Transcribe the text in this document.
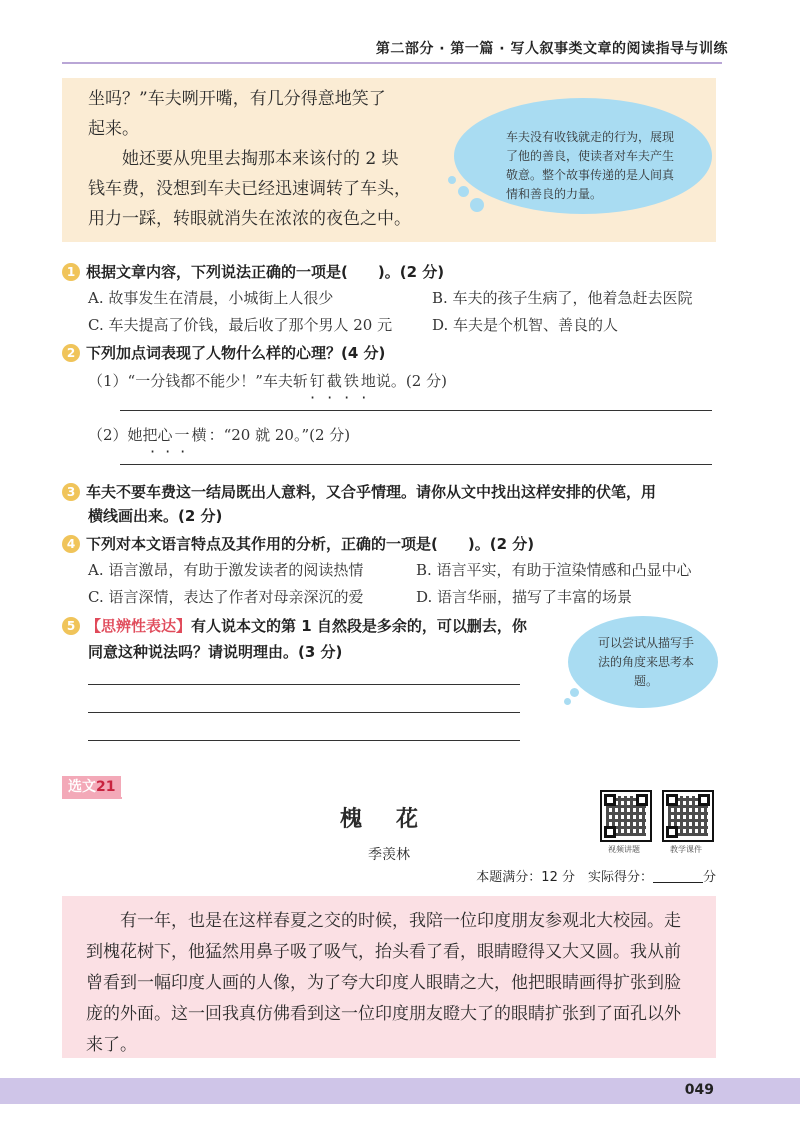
第二部分 · 第一篇 · 写人叙事类文章的阅读指导与训练

坐吗？”车夫咧开嘴，有几分得意地笑了

起来。

她还要从兜里去掏那本来该付的 2 块

钱车费，没想到车夫已经迅速调转了车头，

用力一踩，转眼就消失在浓浓的夜色之中。

车夫没有收钱就走的行为，展现了他的善良，使读者对车夫产生敬意。整个故事传递的是人间真情和善良的力量。
1 根据文章内容，下列说法正确的一项是(　　)。(2 分)
A. 故事发生在清晨，小城街上人很少	B. 车夫的孩子生病了，他着急赶去医院
C. 车夫提高了价钱，最后收了那个男人 20 元	D. 车夫是个机智、善良的人
2 下列加点词表现了人物什么样的心理？(4 分)
（1）“一分钱都不能少！”车夫斩钉截铁地说。(2 分)
····
（2）她把心一横：“20 就 20。”(2 分)
···
3 车夫不要车费这一结局既出人意料，又合乎情理。请你从文中找出这样安排的伏笔，用
横线画出来。(2 分)
4 下列对本文语言特点及其作用的分析，正确的一项是(　　)。(2 分)
A. 语言激昂，有助于激发读者的阅读热情	B. 语言平实，有助于渲染情感和凸显中心
C. 语言深情，表达了作者对母亲深沉的爱	D. 语言华丽，描写了丰富的场景
5 【思辨性表达】有人说本文的第 1 自然段是多余的，可以删去，你
同意这种说法吗？请说明理由。(3 分)	可以尝试从描写手法的角度来思考本题。
选文21
槐花
季羡林	视频讲题	教学课件
本题满分：12 分　实际得分：	分
有一年，也是在这样春夏之交的时候，我陪一位印度朋友参观北大校园。走到槐花树下，他猛然用鼻子吸了吸气，抬头看了看，眼睛瞪得又大又圆。我从前曾看到一幅印度人画的人像，为了夸大印度人眼睛之大，他把眼睛画得扩张到脸庞的外面。这一回我真仿佛看到这一位印度朋友瞪大了的眼睛扩张到了面孔以外来了。
049
